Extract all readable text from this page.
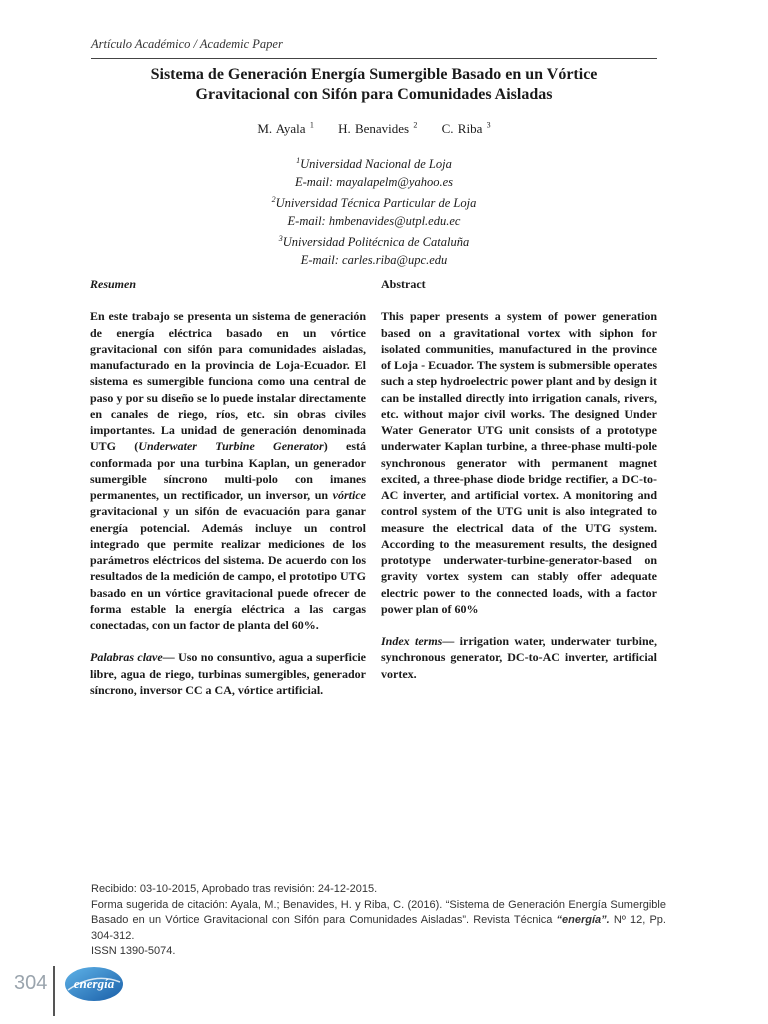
Artículo Académico / Academic Paper
Sistema de Generación Energía Sumergible Basado en un Vórtice
Gravitacional con Sifón para Comunidades Aisladas
M. Ayala $^1$ H. Benavides $^2$ C. Riba $^3$
$^1$Universidad Nacional de Loja
E-mail: mayalapelm@yahoo.es
$^2$Universidad Técnica Particular de Loja
E-mail: hmbenavides@utpl.edu.ec
$^3$Universidad Politécnica de Cataluña
E-mail: carles.riba@upc.edu
Resumen

En este trabajo se presenta un sistema de generación de energía eléctrica basado en un vórtice gravitacional con sifón para comunidades aisladas, manufacturado en la provincia de Loja-Ecuador. El sistema es sumergible funciona como una central de paso y por su diseño se lo puede instalar directamente en canales de riego, ríos, etc. sin obras civiles importantes. La unidad de generación denominada UTG (Underwater Turbine Generator) está conformada por una turbina Kaplan, un generador sumergible síncrono multi-polo con imanes permanentes, un rectificador, un inversor, un vórtice gravitacional y un sifón de evacuación para ganar energía potencial. Además incluye un control integrado que permite realizar mediciones de los parámetros eléctricos del sistema. De acuerdo con los resultados de la medición de campo, el prototipo UTG basado en un vórtice gravitacional puede ofrecer de forma estable la energía eléctrica a las cargas conectadas, con un factor de planta del 60%.

Palabras clave— Uso no consuntivo, agua a superficie libre, agua de riego, turbinas sumergibles, generador síncrono, inversor CC a CA, vórtice artificial.

Abstract

This paper presents a system of power generation based on a gravitational vortex with siphon for isolated communities, manufactured in the province of Loja - Ecuador. The system is submersible operates such a step hydroelectric power plant and by design it can be installed directly into irrigation canals, rivers, etc. without major civil works. The designed Under Water Generator UTG unit consists of a prototype underwater Kaplan turbine, a three-phase multi-pole synchronous generator with permanent magnet excited, a three-phase diode bridge rectifier, a DC-to-AC inverter, and artificial vortex. A monitoring and control system of the UTG unit is also integrated to measure the electrical data of the UTG system. According to the measurement results, the designed prototype underwater-turbine-generator-based on gravity vortex system can stably offer adequate electric power to the connected loads, with a factor power plan of 60%

Index terms— irrigation water, underwater turbine, synchronous generator, DC-to-AC inverter, artificial vortex.

Recibido: 03-10-2015, Aprobado tras revisión: 24-12-2015.
Forma sugerida de citación: Ayala, M.; Benavides, H. y Riba, C. (2016). “Sistema de Generación Energía Sumergible Basado en un Vórtice Gravitacional con Sifón para Comunidades Aisladas”. Revista Técnica “energía”. Nº 12, Pp. 304-312.
ISSN 1390-5074.
304 energía
